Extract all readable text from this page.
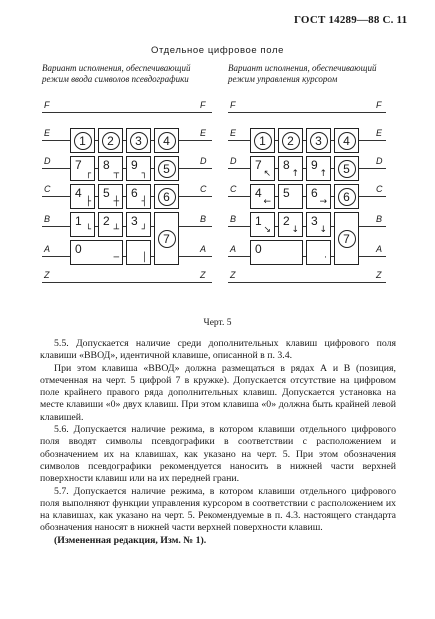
ГОСТ 14289—88 С. 11
Отдельное цифровое поле
Вариант исполнения, обеспечивающий
режим ввода символов псевдографики
Вариант исполнения, обеспечивающий
режим управления курсором
F	F
E	E
D	D
C	C
B	B
A	A
Z	Z
1	2	3	4
7
┌
8
┬
9
┐	5
4
├
5
┼
6
┤	6
1
└
2
┴
3
┘
0
─	│
7
F	F
E	E
D	D
C	C
B	B
A	A
Z	Z
1	2	3	4
7
↖
8
↑
9
↑	5
4
←
5 6
→	6
1
↘
2
↓
3
↓
0
·
7
Черт. 5

5.5. Допускается наличие среди дополнительных клавиш цифрового поля клавиши «ВВОД», идентичной клавише, описанной в п. 3.4.

При этом клавиша «ВВОД» должна размещаться в рядах А и В (позиция, отмеченная на черт. 5 цифрой 7 в кружке). Допускается отсутствие на цифровом поле крайнего правого ряда дополнительных клавиш. Допускается установка на месте клавиши «0» двух клавиш. При этом клавиша «0» должна быть крайней левой клавишей.

5.6. Допускается наличие режима, в котором клавиши отдельного цифрового поля вводят символы псевдографики в соответствии с расположением и обозначением их на клавишах, как указано на черт. 5. При этом обозначения символов псевдографики рекомендуется наносить в нижней части верхней поверхности клавиш или на их передней грани.

5.7. Допускается наличие режима, в котором клавиши отдельного цифрового поля выполняют функции управления курсором в соответствии с расположением их на клавишах, как указано на черт. 5. Рекомендуемые в п. 4.3. настоящего стандарта обозначения наносят в нижней части верхней поверхности клавиш.

(Измененная редакция, Изм. № 1).
